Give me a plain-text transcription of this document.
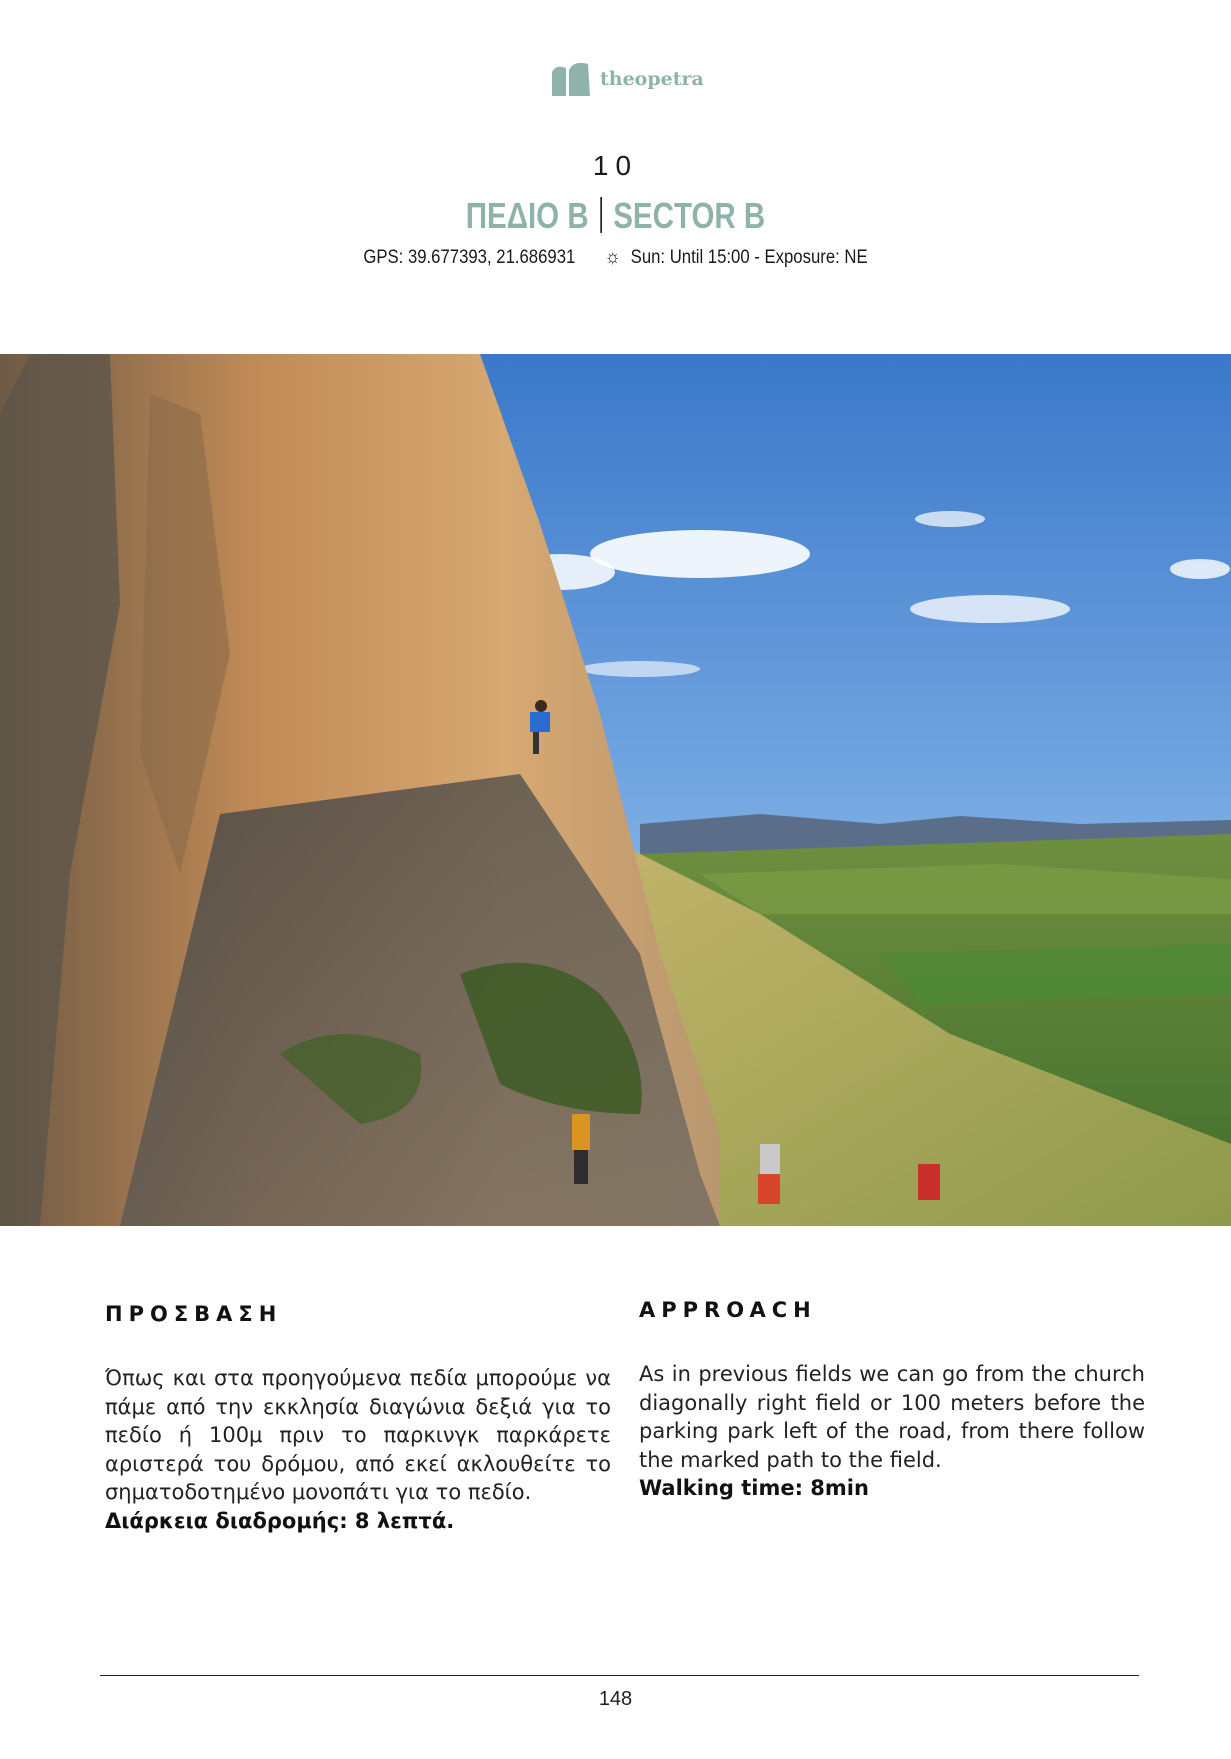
theopetra
10
ΠΕΔΙΟ Β SECTOR B
GPS: 39.677393, 21.686931 ☼ Sun: Until 15:00 - Exposure: NE
ΠΡΟΣΒΑΣΗ

Όπως και στα προηγούμενα πεδία μπορούμε να πάμε από την εκκλησία διαγώνια δεξιά για το πεδίο ή 100μ πριν το παρκινγκ παρκάρετε αριστερά του δρόμου, από εκεί ακλουθείτε το σηματοδοτημένο μονοπάτι για το πεδίο.

Διάρκεια διαδρομής: 8 λεπτά.
APPROACH

As in previous fields we can go from the church diagonally right field or 100 meters before the parking park left of the road, from there follow the marked path to the field.

Walking time: 8min
148
